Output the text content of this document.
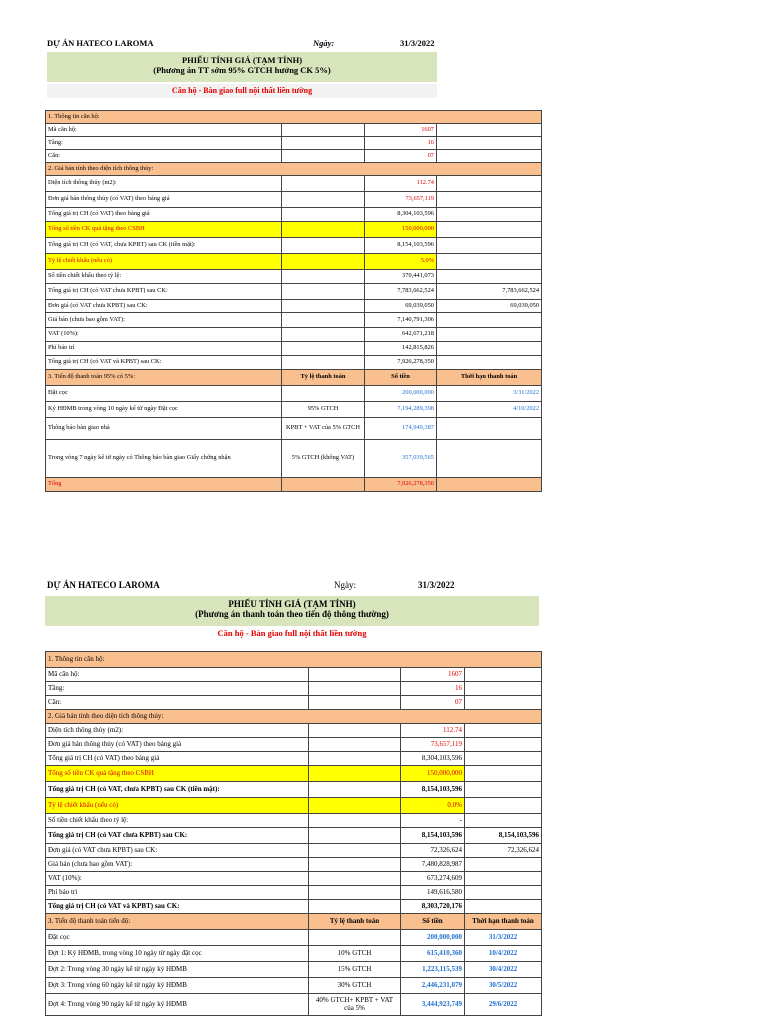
DỰ ÁN HATECO LAROMA	Ngày:	31/3/2022
PHIẾU TÍNH GIÁ (TẠM TÍNH)
(Phương án TT sớm 95% GTCH hưởng CK 5%)
Căn hộ - Bàn giao full nội thất liền tường
1. Thông tin căn hộ:			
Mã căn hộ:		1607	
Tầng:		16	
Căn:		07	
2. Giá bán tính theo diện tích thông thủy:			
Diện tích thông thủy (m2):		112.74	
Đơn giá bán thông thủy (có VAT) theo bảng giá		73,657,119	
Tổng giá trị CH (có VAT) theo bảng giá		8,304,103,596	
Tổng số tiền CK quà tặng theo CSBH		150,000,000	
Tổng giá trị CH (có VAT, chưa KPBT) sau CK (tiền mặt):		8,154,103,596	
Tỷ lệ chiết khấu (nếu có)		5.0%	
Số tiền chiết khấu theo tỷ lệ:		370,441,073	
Tổng giá trị CH (có VAT chưa KPBT) sau CK:		7,783,662,524	7,783,662,524
Đơn giá (có VAT chưa KPBT) sau CK:		69,039,050	69,039,050
Giá bán (chưa bao gồm VAT):		7,140,791,306	
VAT (10%):		642,671,218	
Phí bảo trì		142,815,826	
Tổng giá trị CH (có VAT và KPBT) sau CK:		7,926,278,350	
3. Tiến độ thanh toán 95% có 5%:	Tỷ lệ thanh toán	Số tiền	Thời hạn thanh toán
Đặt cọc		200,000,000	3/31/2022
Ký HĐMB trong vòng 10 ngày kể từ ngày Đặt cọc	95% GTCH	7,194,289,398	4/10/2022
Thông báo bàn giao nhà	KPBT + VAT của 5% GTCH	174,949,387	
Trong vòng 7 ngày kể từ ngày có Thông báo bàn giao Giấy chứng nhận	5% GTCH (không VAT)	357,039,565	
Tổng		7,926,278,350	
DỰ ÁN HATECO LAROMA	Ngày:	31/3/2022
PHIẾU TÍNH GIÁ (TẠM TÍNH)
(Phương án thanh toán theo tiến độ thông thường)
Căn hộ - Bàn giao full nội thất liền tường
1. Thông tin căn hộ:			
Mã căn hộ:		1607	
Tầng:		16	
Căn:		07	
2. Giá bán tính theo diện tích thông thủy:			
Diện tích thông thủy (m2):		112.74	
Đơn giá bán thông thủy (có VAT) theo bảng giá		73,657,119	
Tổng giá trị CH (có VAT) theo bảng giá		8,304,103,596	
Tổng số tiền CK quà tặng theo CSBH		150,000,000	
Tổng giá trị CH (có VAT, chưa KPBT) sau CK (tiền mặt):		8,154,103,596	
Tỷ lệ chiết khấu (nếu có)		0.0%	
Số tiền chiết khấu theo tỷ lệ:		-	
Tổng giá trị CH (có VAT chưa KPBT) sau CK:		8,154,103,596	8,154,103,596
Đơn giá (có VAT chưa KPBT) sau CK:		72,326,624	72,326,624
Giá bán (chưa bao gồm VAT):		7,480,828,987	
VAT (10%):		673,274,609	
Phí bảo trì		149,616,580	
Tổng giá trị CH (có VAT và KPBT) sau CK:		8,303,720,176	
3. Tiến độ thanh toán tiến độ:	Tỷ lệ thanh toán	Số tiền	Thời hạn thanh toán
Đặt cọc		200,000,000	31/3/2022
Đợt 1: Ký HĐMB, trong vòng 10 ngày từ ngày đặt cọc	10% GTCH	615,410,360	10/4/2022
Đợt 2: Trong vòng 30 ngày kể từ ngày ký HĐMB	15% GTCH	1,223,115,539	30/4/2022
Đợt 3: Trong vòng 60 ngày kể từ ngày ký HĐMB	30% GTCH	2,446,231,079	30/5/2022
Đợt 4: Trong vòng 90 ngày kể từ ngày ký HĐMB	40% GTCH+ KPBT + VAT của 5%	3,444,923,749	29/6/2022
